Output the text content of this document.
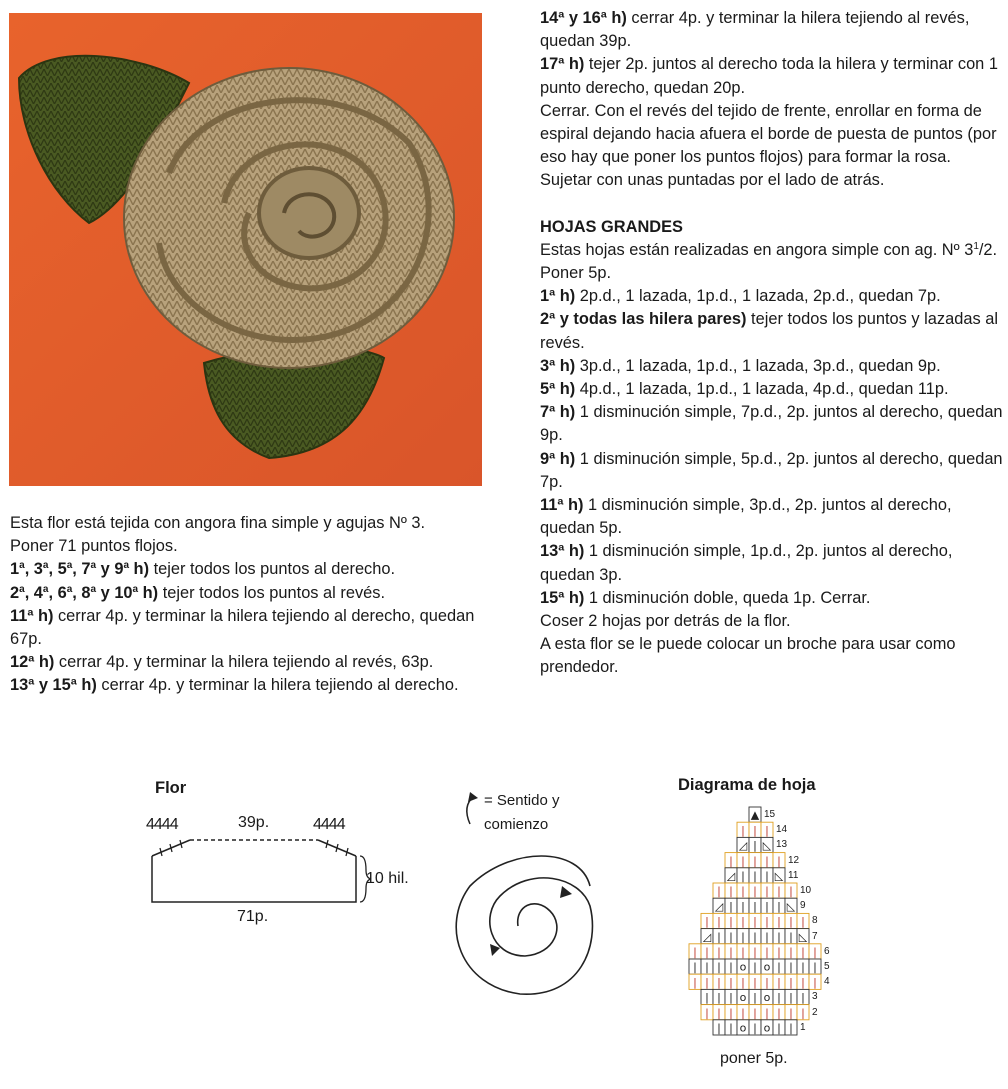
Esta flor está tejida con angora fina simple y agujas Nº 3.

Poner 71 puntos flojos.

1$^a$, 3$^a$, 5$^a$, 7$^a$ y 9$^a$ h) tejer todos los puntos al derecho.

2$^a$, 4$^a$, 6$^a$, 8$^a$ y 10$^a$ h) tejer todos los puntos al revés.

11ª h) cerrar 4p. y terminar la hilera tejiendo al derecho, quedan 67p.

12ª h) cerrar 4p. y terminar la hilera tejiendo al revés, 63p.

13ª y 15ª h) cerrar 4p. y terminar la hilera tejiendo al derecho.

14ª y 16ª h) cerrar 4p. y terminar la hilera tejiendo al revés, quedan 39p.

17ª h) tejer 2p. juntos al derecho toda la hilera y terminar con 1 punto derecho, quedan 20p.

Cerrar. Con el revés del tejido de frente, enrollar en forma de espiral dejando hacia afuera el borde de puesta de puntos (por eso hay que poner los puntos flojos) para formar la rosa. Sujetar con unas puntadas por el lado de atrás.

HOJAS GRANDES

Estas hojas están realizadas en angora simple con ag. Nº $3^1/2$.

Poner 5p.

1ª h) 2p.d., 1 lazada, 1p.d., 1 lazada, 2p.d., quedan 7p.

2ª y todas las hilera pares) tejer todos los puntos y lazadas al revés.

3ª h) 3p.d., 1 lazada, 1p.d., 1 lazada, 3p.d., quedan 9p.

5ª h) 4p.d., 1 lazada, 1p.d., 1 lazada, 4p.d., quedan 11p.

7ª h) 1 disminución simple, 7p.d., 2p. juntos al derecho, quedan 9p.

9ª h) 1 disminución simple, 5p.d., 2p. juntos al derecho, quedan 7p.

11ª h) 1 disminución simple, 3p.d., 2p. juntos al derecho, quedan 5p.

13ª h) 1 disminución simple, 1p.d., 2p. juntos al derecho, quedan 3p.

15ª h) 1 disminución doble, queda 1p. Cerrar.

Coser 2 hojas por detrás de la flor.

A esta flor se le puede colocar un broche para usar como prendedor.

Flor
4444	39p.	4444
10 hil.
71p.
= Sentido y
comienzo
Diagrama de hoja
▲
| | |
◿ | ◺
| | | | |
◿ | | | ◺
| | | | | | |
◿ | | | | | ◺
| | | | | | | | |
◿ | | | | | | | ◺
| | | | | | | | | | |
| | | | o | o | | | |
| | | | | | | | | | |
| | | o | o | | |
| | | | | | | | |
| | o | o | |
15
14
13
12
11
10
9
8
7
6
5
4
3
2
1
poner 5p.
